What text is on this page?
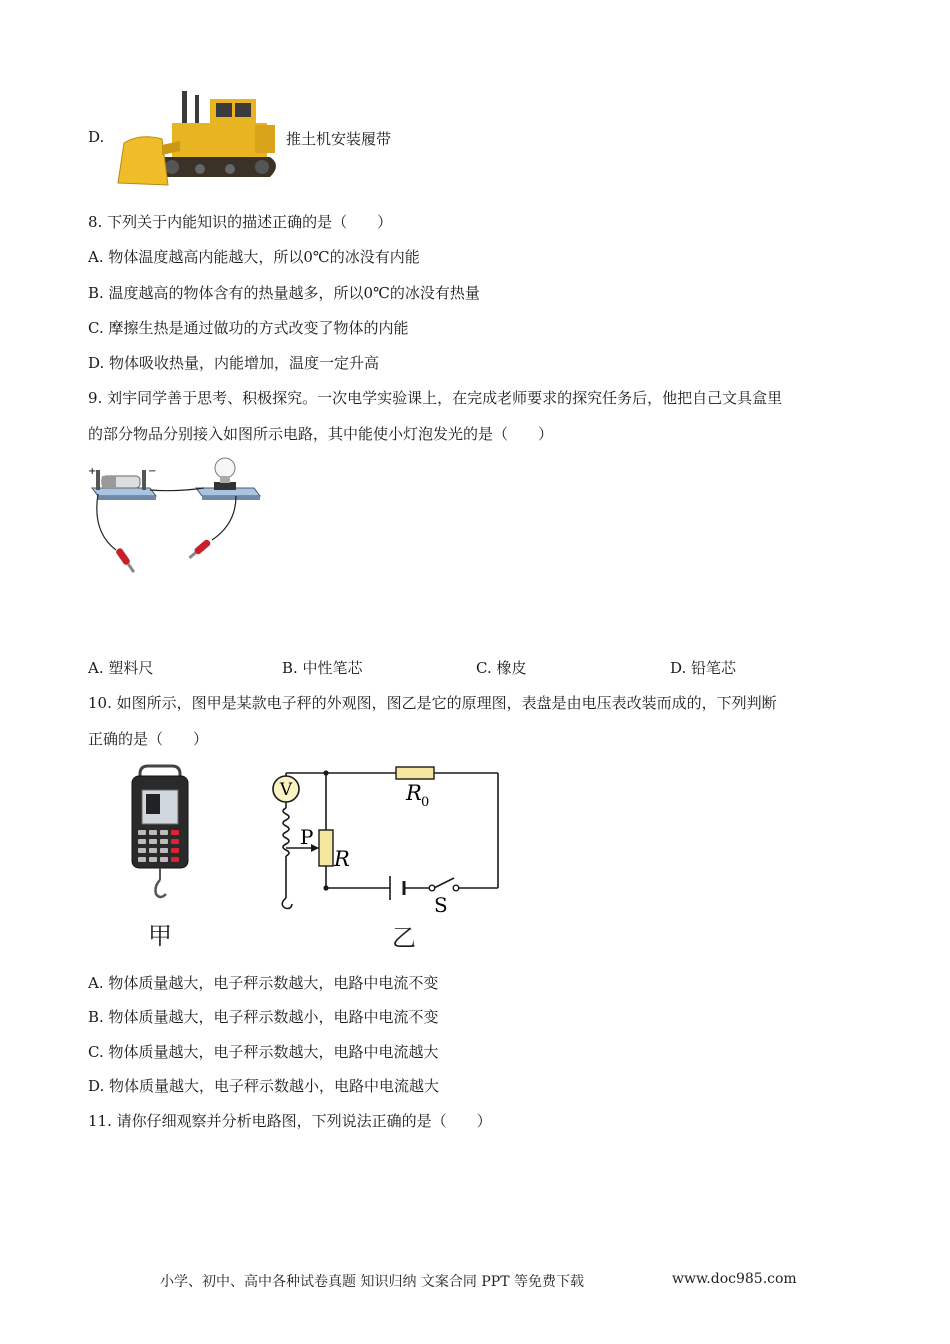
D.	推土机安装履带
8. 下列关于内能知识的描述正确的是（　　）
A. 物体温度越高内能越大，所以0℃的冰没有内能
B. 温度越高的物体含有的热量越多，所以0℃的冰没有热量
C. 摩擦生热是通过做功的方式改变了物体的内能
D. 物体吸收热量，内能增加，温度一定升高
9. 刘宇同学善于思考、积极探究。一次电学实验课上，在完成老师要求的探究任务后，他把自己文具盒里
的部分物品分别接入如图所示电路，其中能使小灯泡发光的是（　　）
+	−
A. 塑料尺	B. 中性笔芯	C. 橡皮	D. 铅笔芯
10. 如图所示，图甲是某款电子秤的外观图，图乙是它的原理图，表盘是由电压表改装而成的，下列判断
正确的是（　　）
甲
V	R 0
P
R
S
乙
A. 物体质量越大，电子秤示数越大，电路中电流不变
B. 物体质量越大，电子秤示数越小，电路中电流不变
C. 物体质量越大，电子秤示数越大，电路中电流越大
D. 物体质量越大，电子秤示数越小，电路中电流越大
11. 请你仔细观察并分析电路图，下列说法正确的是（　　）
小学、初中、高中各种试卷真题 知识归纳 文案合同 PPT 等免费下载	www.doc985.com
